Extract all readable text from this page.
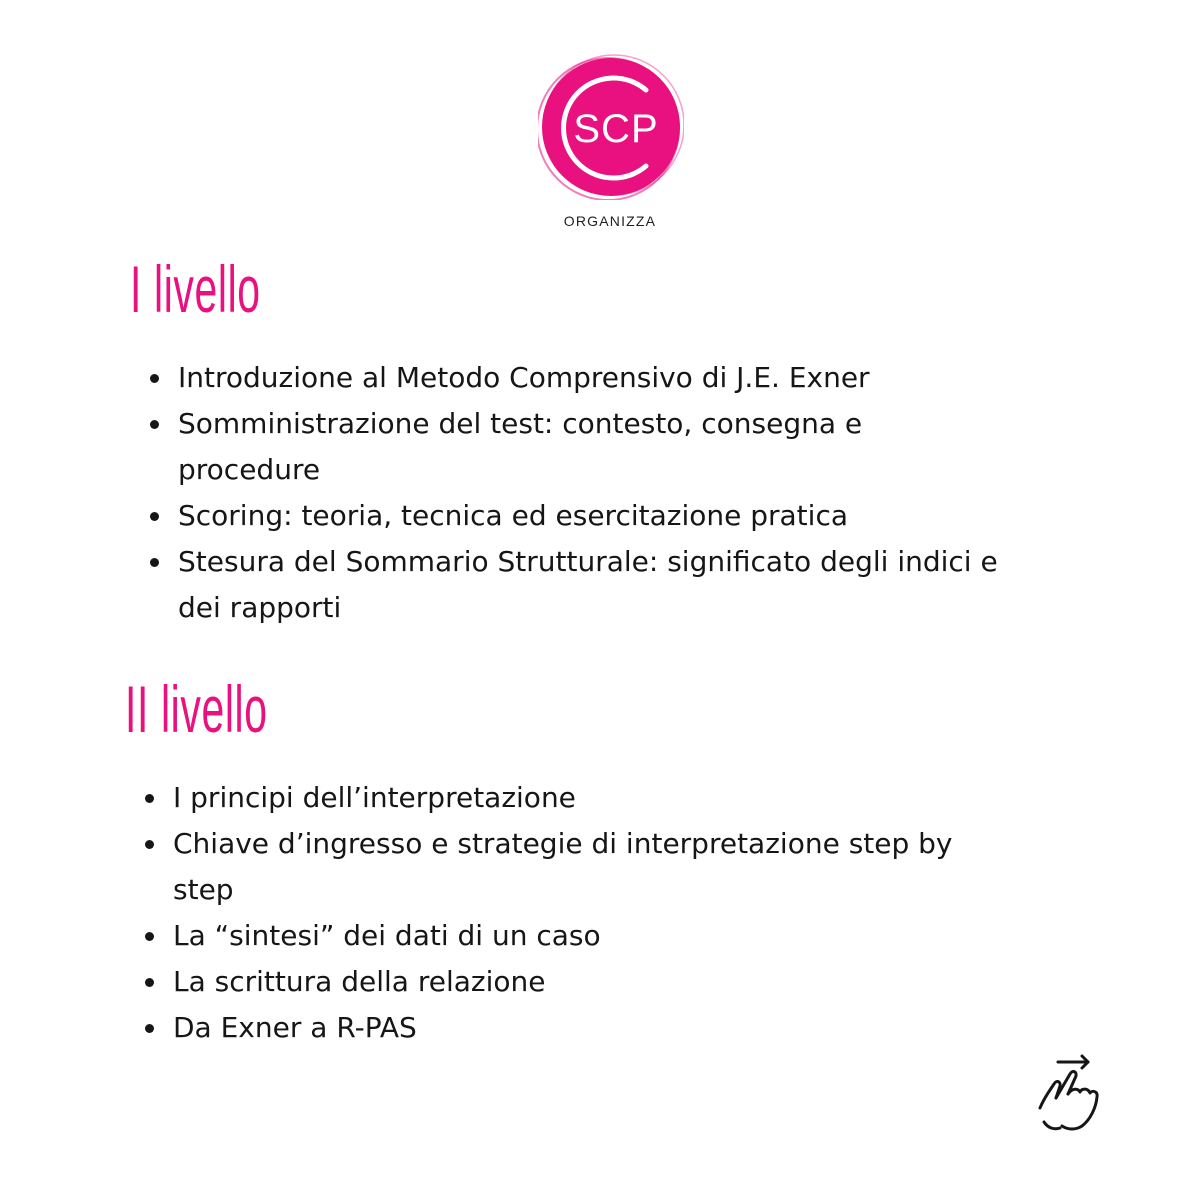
SCP
ORGANIZZA
I livello
Introduzione al Metodo Comprensivo di J.E. Exner
Somministrazione del test: contesto, consegna e procedure
Scoring: teoria, tecnica ed esercitazione pratica
Stesura del Sommario Strutturale: significato degli indici e dei rapporti
II livello
I principi dell’interpretazione
Chiave d’ingresso e strategie di interpretazione step by step
La “sintesi” dei dati di un caso
La scrittura della relazione
Da Exner a R-PAS
